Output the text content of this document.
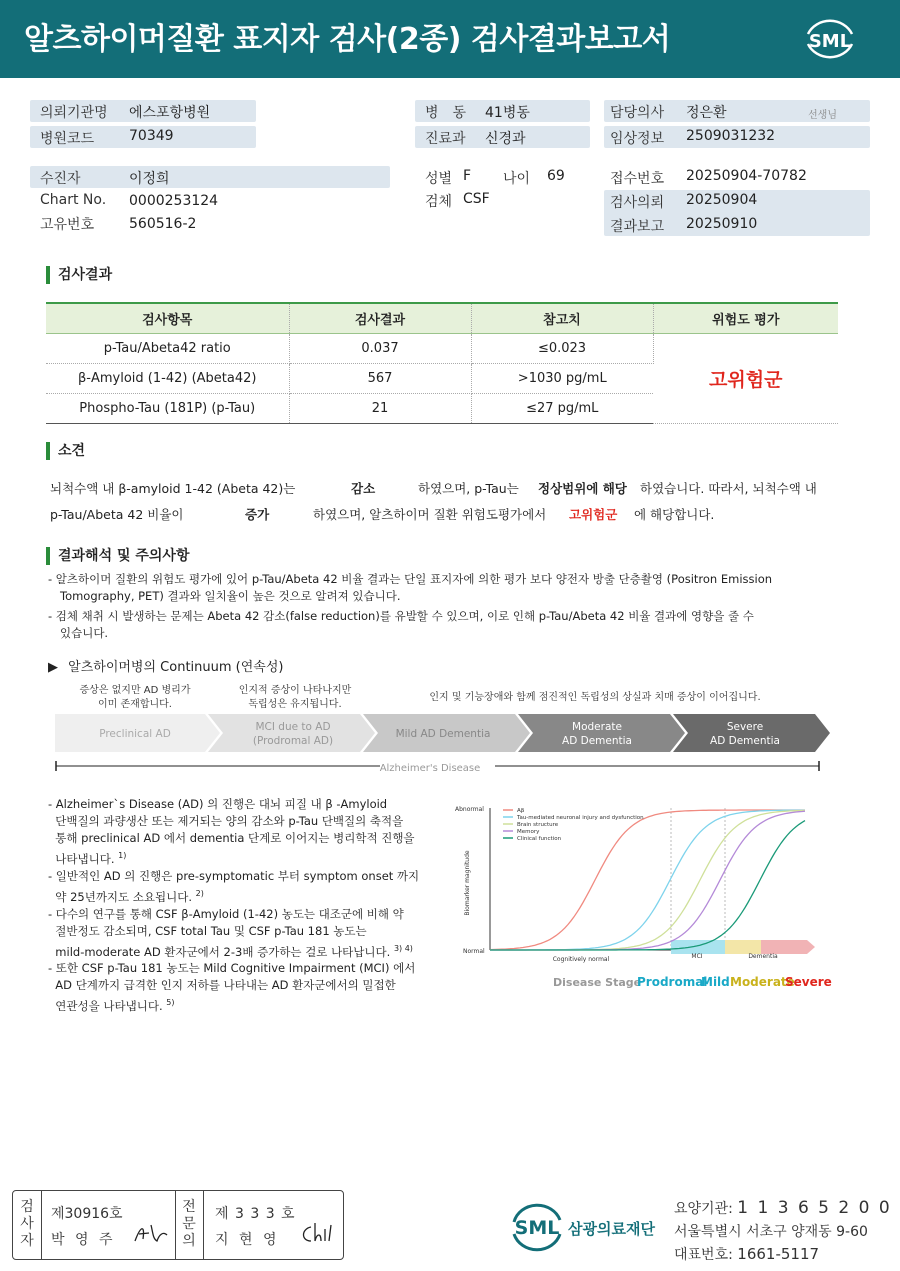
알츠하이머질환 표지자 검사(2종) 검사결과보고서	SML
의뢰기관명 에스포항병원
병원코드 70349
병　동 41병동
진료과 신경과
담당의사 정은환	선생님
임상정보 2509031232
수진자	이정희
Chart No. 0000253124
고유번호 560516-2
성별 F 나이 69
검체 CSF
접수번호 20250904-70782
검사의뢰 20250904
결과보고 20250910
검사결과
검사항목	검사결과	참고치	위험도 평가
p-Tau/Abeta42 ratio	0.037	≤0.023	고위험군
β-Amyloid (1-42) (Abeta42)	567	>1030 pg/mL	
Phospho-Tau (181P) (p-Tau)	21	≤27 pg/mL	
소견
뇌척수액 내 β-amyloid 1-42 (Abeta 42)는	감소	하였으며, p-Tau는 정상범위에 해당 하였습니다. 따라서, 뇌척수액 내
p-Tau/Abeta 42 비율이	증가	하였으며, 알츠하이머 질환 위험도평가에서 고위험군 에 해당합니다.
결과해석 및 주의사항
- 알츠하이머 질환의 위험도 평가에 있어 p-Tau/Abeta 42 비율 결과는 단일 표지자에 의한 평가 보다 양전자 방출 단층촬영 (Positron Emission
Tomography, PET) 결과와 일치율이 높은 것으로 알려져 있습니다.
- 검체 채취 시 발생하는 문제는 Abeta 42 감소(false reduction)를 유발할 수 있으며, 이로 인해 p-Tau/Abeta 42 비율 결과에 영향을 줄 수
있습니다.
▶ 알츠하이머병의 Continuum (연속성)
증상은 없지만 AD 병리가
이미 존재합니다.
인지적 증상이 나타나지만
독립성은 유지됩니다.
인지 및 기능장애와 함께 점진적인 독립성의 상실과 치매 증상이 이어집니다.
Preclinical AD
MCI due to AD
(Prodromal AD)
Mild AD Dementia
Moderate
AD Dementia
Severe
AD Dementia
Alzheimer's Disease
- Alzheimer`s Disease (AD) 의 진행은 대뇌 피질 내 β -Amyloid
단백질의 과량생산 또는 제거되는 양의 감소와 p-Tau 단백질의 축적을
통해 preclinical AD 에서 dementia 단계로 이어지는 병리학적 진행을
나타냅니다. $^{1)}$
- 일반적인 AD 의 진행은 pre-symptomatic 부터 symptom onset 까지
약 25년까지도 소요됩니다. $^{2)}$
- 다수의 연구를 통해 CSF β-Amyloid (1-42) 농도는 대조군에 비해 약
절반정도 감소되며, CSF total Tau 및 CSF p-Tau 181 농도는
mild-moderate AD 환자군에서 2-3배 증가하는 걸로 나타납니다. $^{3) 4)}$
- 또한 CSF p-Tau 181 농도는 Mild Cognitive Impairment (MCI) 에서
AD 단계까지 급격한 인지 저하를 나타내는 AD 환자군에서의 밀접한
연관성을 나타냅니다. $^{5)}$
Abnormal
Normal
Biomarker magnitude
Cognitively normal	MCI	Dementia
Aβ
Tau-mediated neuronal injury and dysfunction
Brain structure
Memory
Clinical function
Disease Stage
Prodromal
Mild Moderate
Severe
검
사
자
제30916호
박 영 주
전
문
의
제 3 3 3 호
지 현 영
SML 삼광의료재단
요양기관: 1 1 3 6 5 2 0 0
서울특별시 서초구 양재동 9-60
대표번호: 1661-5117
